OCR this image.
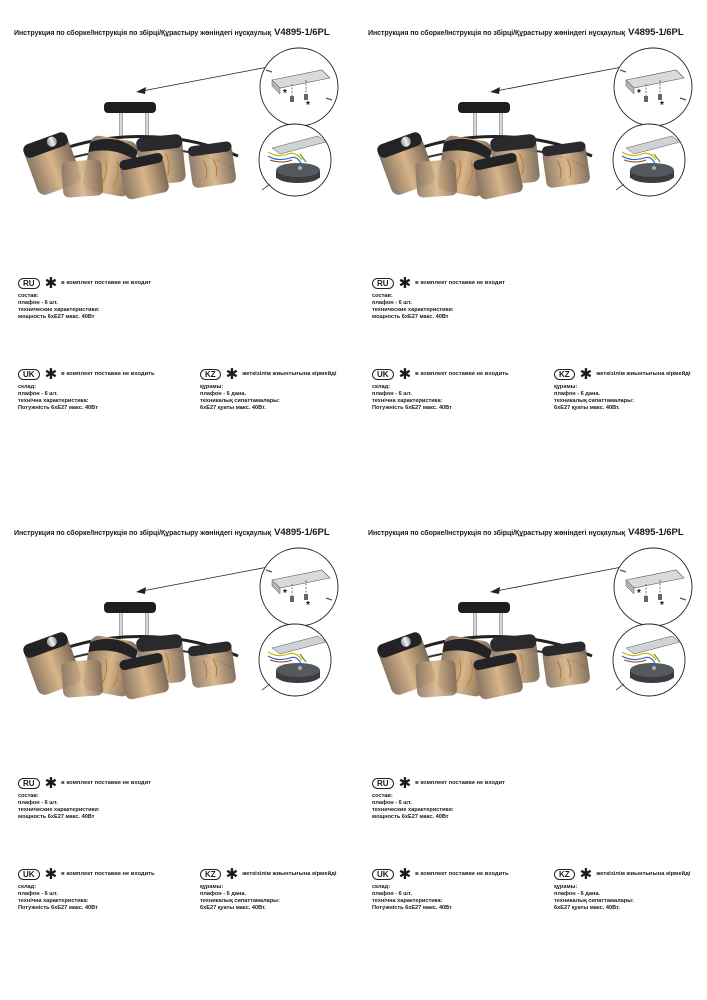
Инструкция по сборке/Інструкція по збірці/Құрастыру жөніндегі нұсқаулық V4895-1/6PL
*
*
RU ✱ в комплект поставки не входит
состав:
плафон - 6 шт.
технические характеристики:
мощность 6xE27 макс. 40Вт
UK ✱ в комплект поставки не входить
склад:
плафон - 6 шт.
технічна характеристика:
Потужність 6xE27 макс. 40Вт
KZ ✱ жеткізілім жиынтығына кірмейді
құрамы:
плафон - 6 дана.
техникалық сипаттамалары:
6xE27 қуаты макс. 40Вт.
Инструкция по сборке/Інструкція по збірці/Құрастыру жөніндегі нұсқаулық V4895-1/6PL
*
*
RU ✱ в комплект поставки не входит
состав:
плафон - 6 шт.
технические характеристики:
мощность 6xE27 макс. 40Вт
UK ✱ в комплект поставки не входить
склад:
плафон - 6 шт.
технічна характеристика:
Потужність 6xE27 макс. 40Вт
KZ ✱ жеткізілім жиынтығына кірмейді
құрамы:
плафон - 6 дана.
техникалық сипаттамалары:
6xE27 қуаты макс. 40Вт.
Инструкция по сборке/Інструкція по збірці/Құрастыру жөніндегі нұсқаулық V4895-1/6PL
*
*
RU ✱ в комплект поставки не входит
состав:
плафон - 6 шт.
технические характеристики:
мощность 6xE27 макс. 40Вт
UK ✱ в комплект поставки не входить
склад:
плафон - 6 шт.
технічна характеристика:
Потужність 6xE27 макс. 40Вт
KZ ✱ жеткізілім жиынтығына кірмейді
құрамы:
плафон - 6 дана.
техникалық сипаттамалары:
6xE27 қуаты макс. 40Вт.
Инструкция по сборке/Інструкція по збірці/Құрастыру жөніндегі нұсқаулық V4895-1/6PL
*
*
RU ✱ в комплект поставки не входит
состав:
плафон - 6 шт.
технические характеристики:
мощность 6xE27 макс. 40Вт
UK ✱ в комплект поставки не входить
склад:
плафон - 6 шт.
технічна характеристика:
Потужність 6xE27 макс. 40Вт
KZ ✱ жеткізілім жиынтығына кірмейді
құрамы:
плафон - 6 дана.
техникалық сипаттамалары:
6xE27 қуаты макс. 40Вт.
